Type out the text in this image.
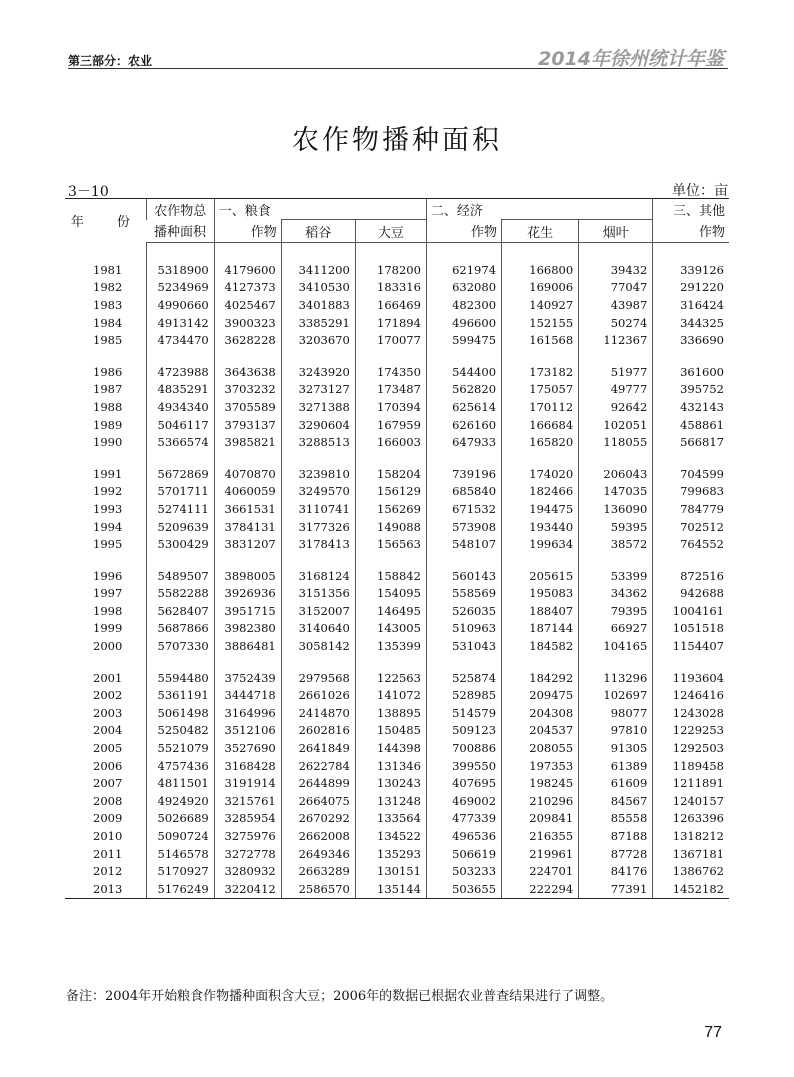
第三部分：农业	2014年徐州统计年鉴
农作物播种面积
3－10	单位：亩
年　份	农作物总	一、粮食			二、经济			三、其他
	播种面积	作物	稻谷	大豆	作物	花生	烟叶	作物

1981	5318900	4179600	3411200	178200	621974	166800	39432	339126
1982	5234969	4127373	3410530	183316	632080	169006	77047	291220
1983	4990660	4025467	3401883	166469	482300	140927	43987	316424
1984	4913142	3900323	3385291	171894	496600	152155	50274	344325
1985	4734470	3628228	3203670	170077	599475	161568	112367	336690

1986	4723988	3643638	3243920	174350	544400	173182	51977	361600
1987	4835291	3703232	3273127	173487	562820	175057	49777	395752
1988	4934340	3705589	3271388	170394	625614	170112	92642	432143
1989	5046117	3793137	3290604	167959	626160	166684	102051	458861
1990	5366574	3985821	3288513	166003	647933	165820	118055	566817

1991	5672869	4070870	3239810	158204	739196	174020	206043	704599
1992	5701711	4060059	3249570	156129	685840	182466	147035	799683
1993	5274111	3661531	3110741	156269	671532	194475	136090	784779
1994	5209639	3784131	3177326	149088	573908	193440	59395	702512
1995	5300429	3831207	3178413	156563	548107	199634	38572	764552

1996	5489507	3898005	3168124	158842	560143	205615	53399	872516
1997	5582288	3926936	3151356	154095	558569	195083	34362	942688
1998	5628407	3951715	3152007	146495	526035	188407	79395	1004161
1999	5687866	3982380	3140640	143005	510963	187144	66927	1051518
2000	5707330	3886481	3058142	135399	531043	184582	104165	1154407

2001	5594480	3752439	2979568	122563	525874	184292	113296	1193604
2002	5361191	3444718	2661026	141072	528985	209475	102697	1246416
2003	5061498	3164996	2414870	138895	514579	204308	98077	1243028
2004	5250482	3512106	2602816	150485	509123	204537	97810	1229253
2005	5521079	3527690	2641849	144398	700886	208055	91305	1292503
2006	4757436	3168428	2622784	131346	399550	197353	61389	1189458
2007	4811501	3191914	2644899	130243	407695	198245	61609	1211891
2008	4924920	3215761	2664075	131248	469002	210296	84567	1240157
2009	5026689	3285954	2670292	133564	477339	209841	85558	1263396
2010	5090724	3275976	2662008	134522	496536	216355	87188	1318212
2011	5146578	3272778	2649346	135293	506619	219961	87728	1367181
2012	5170927	3280932	2663289	130151	503233	224701	84176	1386762
2013	5176249	3220412	2586570	135144	503655	222294	77391	1452182
备注：2004年开始粮食作物播种面积含大豆；2006年的数据已根据农业普查结果进行了调整。
77
